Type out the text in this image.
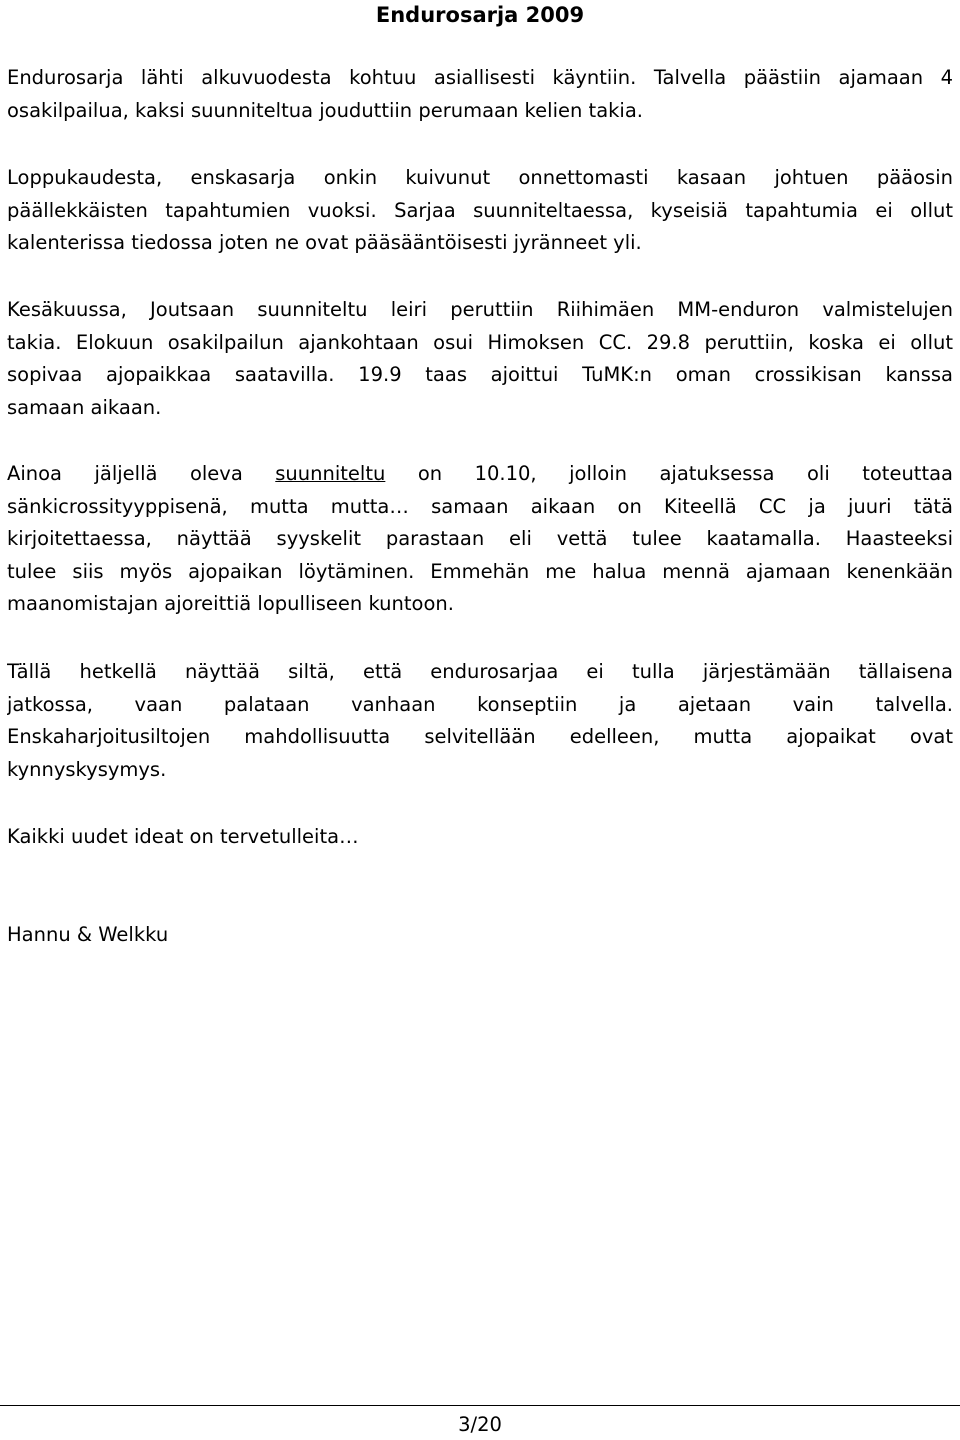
Endurosarja 2009
Endurosarja lähti alkuvuodesta kohtuu asiallisesti käyntiin. Talvella päästiin ajamaan 4
osakilpailua, kaksi suunniteltua jouduttiin perumaan kelien takia.
Loppukaudesta, enskasarja onkin kuivunut onnettomasti kasaan johtuen pääosin
päällekkäisten tapahtumien vuoksi. Sarjaa suunniteltaessa, kyseisiä tapahtumia ei ollut
kalenterissa tiedossa joten ne ovat pääsääntöisesti jyränneet yli.
Kesäkuussa, Joutsaan suunniteltu leiri peruttiin Riihimäen MM-enduron valmistelujen
takia. Elokuun osakilpailun ajankohtaan osui Himoksen CC. 29.8 peruttiin, koska ei ollut
sopivaa ajopaikkaa saatavilla. 19.9 taas ajoittui TuMK:n oman crossikisan kanssa
samaan aikaan.
Ainoa jäljellä oleva suunniteltu on 10.10, jolloin ajatuksessa oli toteuttaa
sänkicrossityyppisenä, mutta mutta… samaan aikaan on Kiteellä CC ja juuri tätä
kirjoitettaessa, näyttää syyskelit parastaan eli vettä tulee kaatamalla. Haasteeksi
tulee siis myös ajopaikan löytäminen. Emmehän me halua mennä ajamaan kenenkään
maanomistajan ajoreittiä lopulliseen kuntoon.
Tällä hetkellä näyttää siltä, että endurosarjaa ei tulla järjestämään tällaisena
jatkossa, vaan palataan vanhaan konseptiin ja ajetaan vain talvella.
Enskaharjoitusiltojen mahdollisuutta selvitellään edelleen, mutta ajopaikat ovat
kynnyskysymys.
Kaikki uudet ideat on tervetulleita…
Hannu & Welkku
3/20
